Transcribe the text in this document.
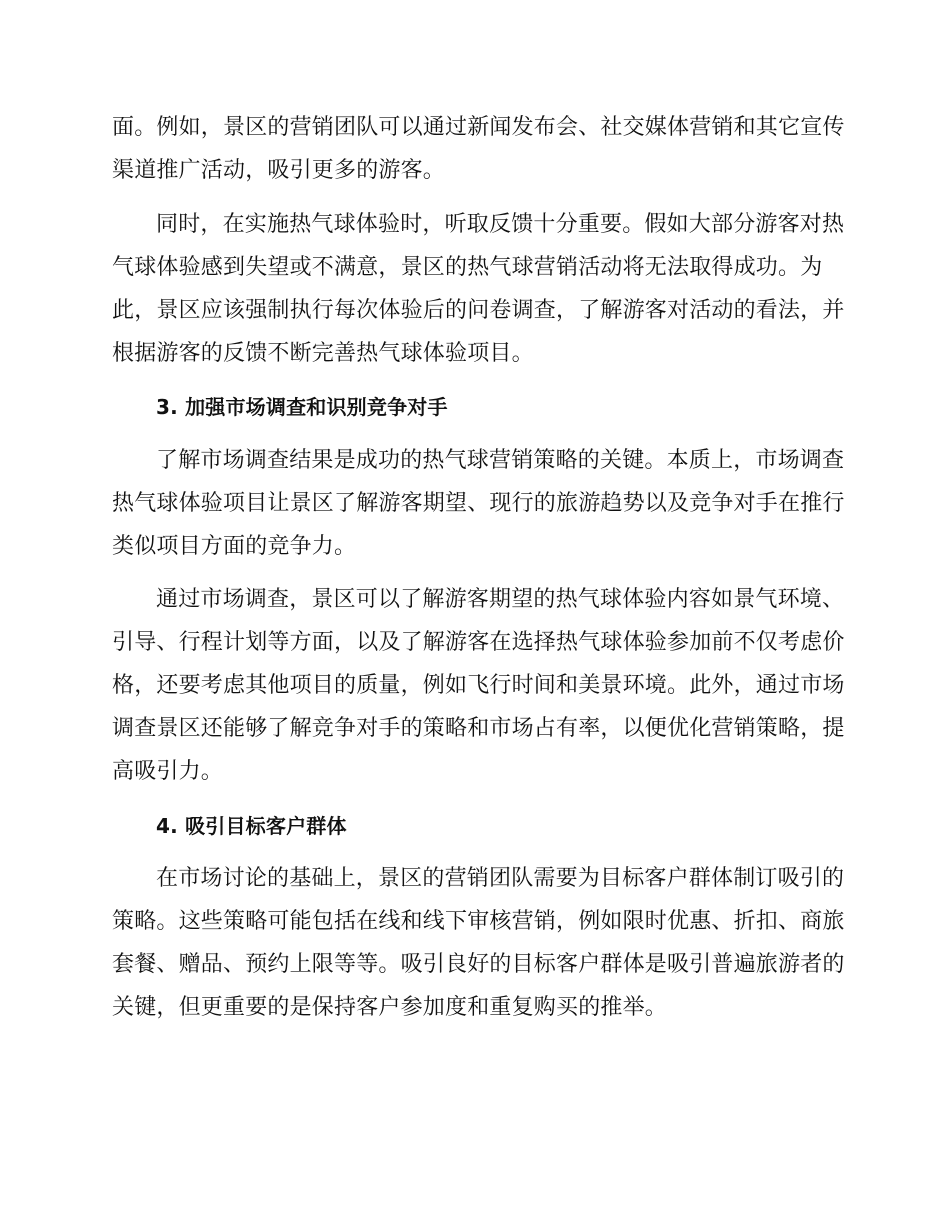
面。例如，景区的营销团队可以通过新闻发布会、社交媒体营销和其它宣传
渠道推广活动，吸引更多的游客。
同时，在实施热气球体验时，听取反馈十分重要。假如大部分游客对热
气球体验感到失望或不满意，景区的热气球营销活动将无法取得成功。为
此，景区应该强制执行每次体验后的问卷调查，了解游客对活动的看法，并
根据游客的反馈不断完善热气球体验项目。
3. 加强市场调查和识别竞争对手
了解市场调查结果是成功的热气球营销策略的关键。本质上，市场调查
热气球体验项目让景区了解游客期望、现行的旅游趋势以及竞争对手在推行
类似项目方面的竞争力。
通过市场调查，景区可以了解游客期望的热气球体验内容如景气环境、
引导、行程计划等方面，以及了解游客在选择热气球体验参加前不仅考虑价
格，还要考虑其他项目的质量，例如飞行时间和美景环境。此外，通过市场
调查景区还能够了解竞争对手的策略和市场占有率，以便优化营销策略，提
高吸引力。
4. 吸引目标客户群体
在市场讨论的基础上，景区的营销团队需要为目标客户群体制订吸引的
策略。这些策略可能包括在线和线下审核营销，例如限时优惠、折扣、商旅
套餐、赠品、预约上限等等。吸引良好的目标客户群体是吸引普遍旅游者的
关键，但更重要的是保持客户参加度和重复购买的推举。
